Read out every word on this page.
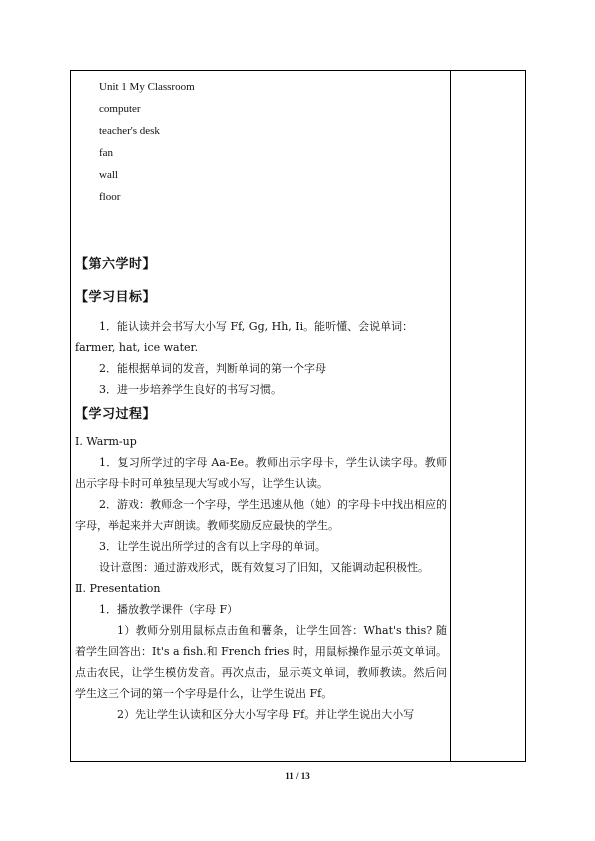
Unit 1 My Classroom
computer
teacher's desk
fan
wall
floor
【第六学时】
【学习目标】
1．能认读并会书写大小写 Ff, Gg, Hh, Ii。能听懂、会说单词：
farmer, hat, ice water.
2．能根据单词的发音，判断单词的第一个字母
3．进一步培养学生良好的书写习惯。
【学习过程】
I. Warm-up
1．复习所学过的字母 Aa-Ee。教师出示字母卡，学生认读字母。教师出示字母卡时可单独呈现大写或小写，让学生认读。
2．游戏：教师念一个字母，学生迅速从他（她）的字母卡中找出相应的字母，举起来并大声朗读。教师奖励反应最快的学生。
3．让学生说出所学过的含有以上字母的单词。
设计意图：通过游戏形式，既有效复习了旧知，又能调动起积极性。
Ⅱ. Presentation
1．播放教学课件（字母 F）
1）教师分别用鼠标点击鱼和薯条，让学生回答：What's this? 随着学生回答出：It's a fish.和 French fries 时，用鼠标操作显示英文单词。点击农民，让学生模仿发音。再次点击，显示英文单词，教师教读。然后问学生这三个词的第一个字母是什么，让学生说出 Ff。
2）先让学生认读和区分大小写字母 Ff。并让学生说出大小写
11 / 13
